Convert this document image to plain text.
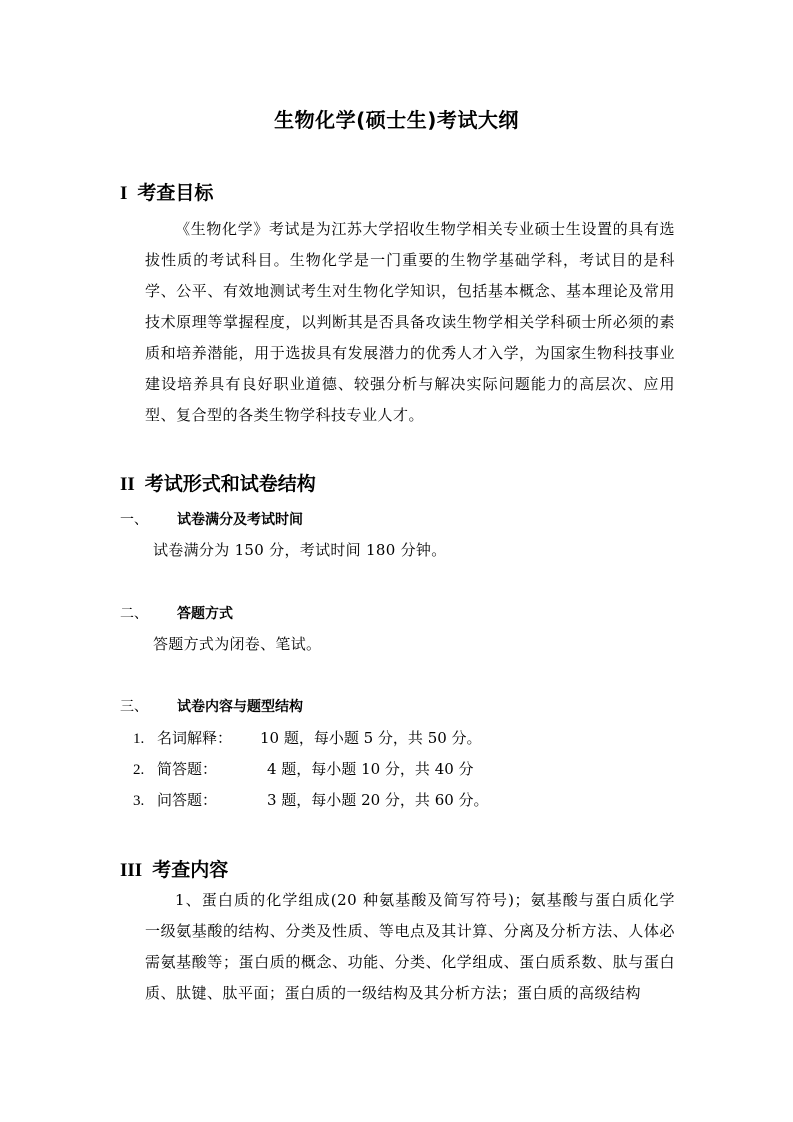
生物化学(硕士生)考试大纲
I 考查目标
《生物化学》考试是为江苏大学招收生物学相关专业硕士生设置的具有选拔性质的考试科目。生物化学是一门重要的生物学基础学科，考试目的是科学、公平、有效地测试考生对生物化学知识，包括基本概念、基本理论及常用技术原理等掌握程度，以判断其是否具备攻读生物学相关学科硕士所必须的素质和培养潜能，用于选拔具有发展潜力的优秀人才入学，为国家生物科技事业建设培养具有良好职业道德、较强分析与解决实际问题能力的高层次、应用型、复合型的各类生物学科技专业人才。
II 考试形式和试卷结构
一、 试卷满分及考试时间
试卷满分为 150 分，考试时间 180 分钟。
二、 答题方式
答题方式为闭卷、笔试。
三、 试卷内容与题型结构
1. 名词解释： 10 题，每小题 5 分，共 50 分。
2. 简答题：	4 题，每小题 10 分，共 40 分
3. 问答题：	3 题，每小题 20 分，共 60 分。
III 考查内容
1、蛋白质的化学组成(20 种氨基酸及简写符号)；氨基酸与蛋白质化学 一级氨基酸的结构、分类及性质、等电点及其计算、分离及分析方法、人体必需氨基酸等；蛋白质的概念、功能、分类、化学组成、蛋白质系数、肽与蛋白质、肽键、肽平面；蛋白质的一级结构及其分析方法；蛋白质的高级结构
